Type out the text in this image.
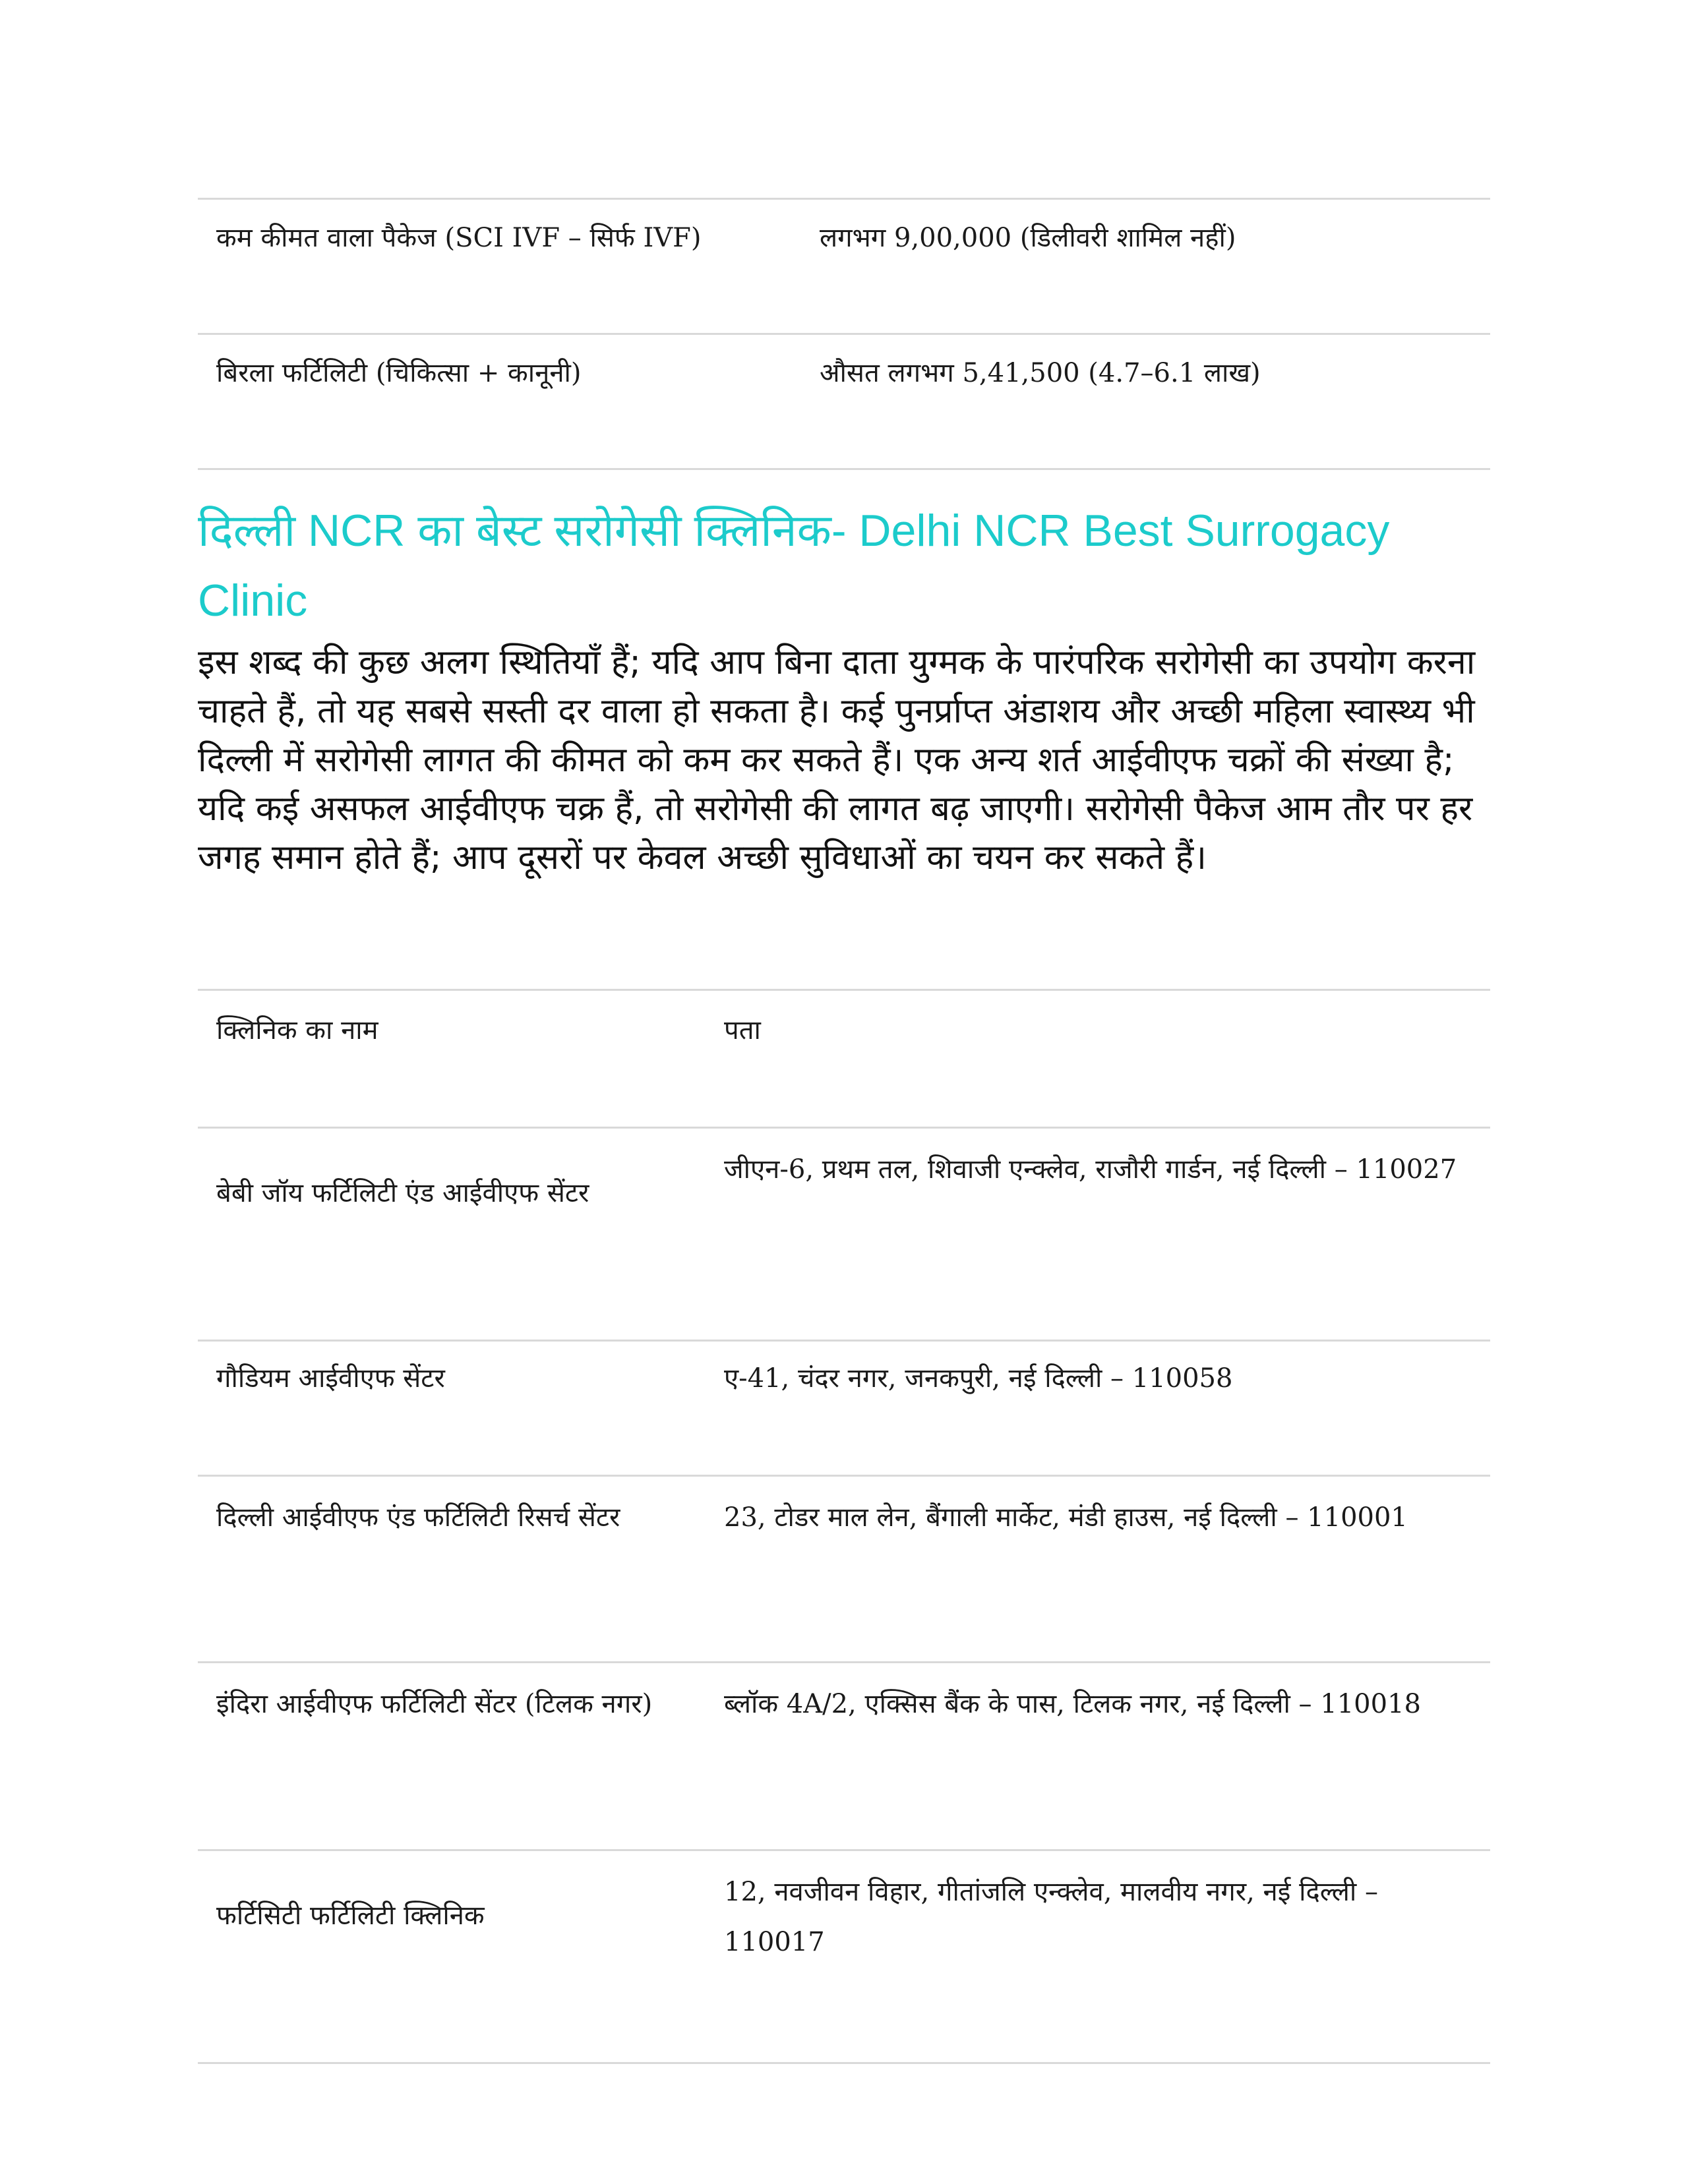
कम कीमत वाला पैकेज (SCI IVF – सिर्फ IVF)	लगभग 9,00,000 (डिलीवरी शामिल नहीं)
बिरला फर्टिलिटी (चिकित्सा + कानूनी)	औसत लगभग 5,41,500 (4.7–6.1 लाख)
दिल्ली NCR का बेस्ट सरोगेसी क्लिनिक- Delhi NCR Best Surrogacy Clinic

इस शब्द की कुछ अलग स्थितियाँ हैं; यदि आप बिना दाता युग्मक के पारंपरिक सरोगेसी का उपयोग करना चाहते हैं, तो यह सबसे सस्ती दर वाला हो सकता है। कई पुनर्प्राप्त अंडाशय और अच्छी महिला स्वास्थ्य भी दिल्ली में सरोगेसी लागत की कीमत को कम कर सकते हैं। एक अन्य शर्त आईवीएफ चक्रों की संख्या है; यदि कई असफल आईवीएफ चक्र हैं, तो सरोगेसी की लागत बढ़ जाएगी। सरोगेसी पैकेज आम तौर पर हर जगह समान होते हैं; आप दूसरों पर केवल अच्छी सुविधाओं का चयन कर सकते हैं।

क्लिनिक का नाम	पता
बेबी जॉय फर्टिलिटी एंड आईवीएफ सेंटर	जीएन-6, प्रथम तल, शिवाजी एन्क्लेव, राजौरी गार्डन, नई दिल्ली – 110027
गौडियम आईवीएफ सेंटर	ए-41, चंदर नगर, जनकपुरी, नई दिल्ली – 110058
दिल्ली आईवीएफ एंड फर्टिलिटी रिसर्च सेंटर	23, टोडर माल लेन, बैंगाली मार्केट, मंडी हाउस, नई दिल्ली – 110001
इंदिरा आईवीएफ फर्टिलिटी सेंटर (टिलक नगर)	ब्लॉक 4A/2, एक्सिस बैंक के पास, टिलक नगर, नई दिल्ली – 110018
फर्टिसिटी फर्टिलिटी क्लिनिक	12, नवजीवन विहार, गीतांजलि एन्क्लेव, मालवीय नगर, नई दिल्ली – 110017
